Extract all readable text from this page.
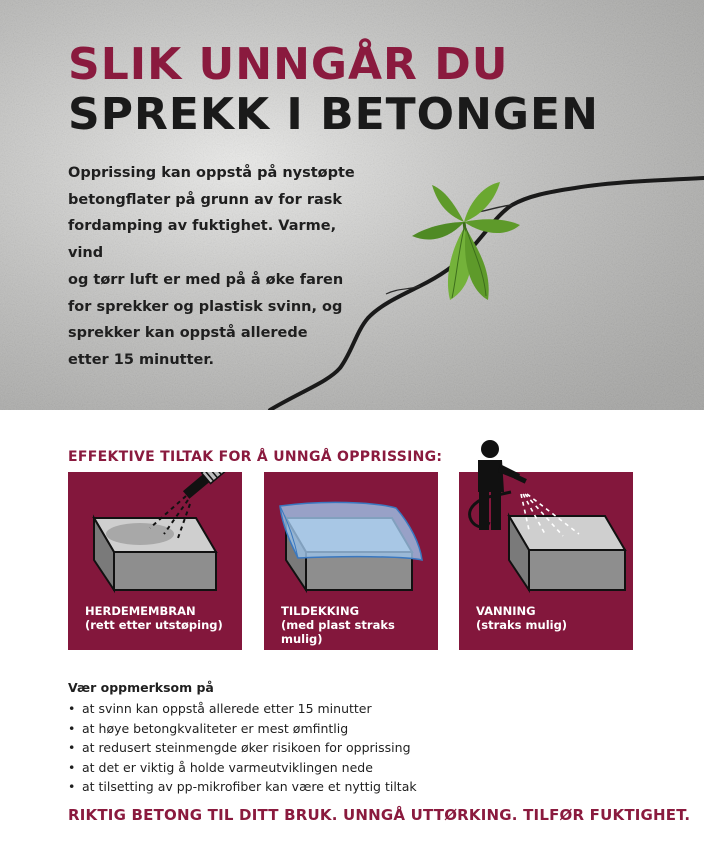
SLIK UNNGÅR DU
SPREKK I BETONGEN
Opprissing kan oppstå på nystøpte
betongflater på grunn av for rask
fordamping av fuktighet. Varme, vind
og tørr luft er med på å øke faren
for sprekker og plastisk svinn, og
sprekker kan oppstå allerede
etter 15 minutter.
EFFEKTIVE TILTAK FOR Å UNNGÅ OPPRISSING:
HERDEMEMBRAN
(rett etter utstøping)
TILDEKKING
(med plast straks mulig)
VANNING
(straks mulig)
Vær oppmerksom på
• at svinn kan oppstå allerede etter 15 minutter
• at høye betongkvaliteter er mest ømfintlig
• at redusert steinmengde øker risikoen for opprissing
• at det er viktig å holde varmeutviklingen nede
• at tilsetting av pp-mikrofiber kan være et nyttig tiltak
RIKTIG BETONG TIL DITT BRUK. UNNGÅ UTTØRKING. TILFØR FUKTIGHET.
